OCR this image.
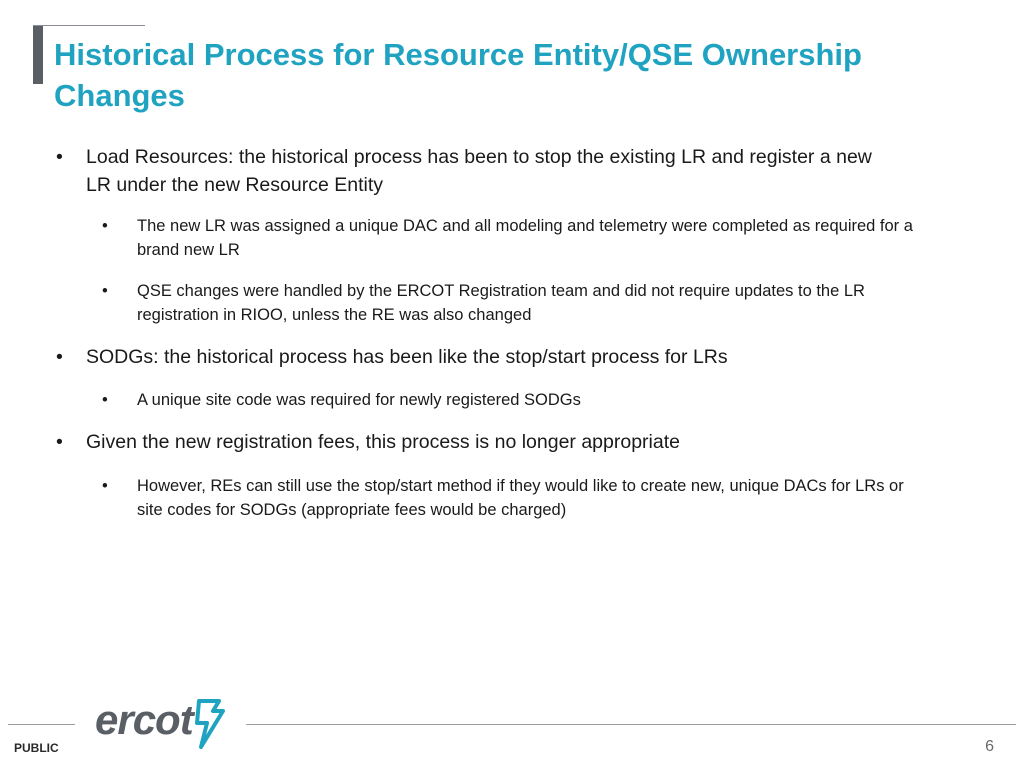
Historical Process for Resource Entity/QSE Ownership Changes
•	Load Resources: the historical process has been to stop the existing LR and register a new LR under the new Resource Entity
•	The new LR was assigned a unique DAC and all modeling and telemetry were completed as required for a brand new LR
•	QSE changes were handled by the ERCOT Registration team and did not require updates to the LR registration in RIOO, unless the RE was also changed
•	SODGs: the historical process has been like the stop/start process for LRs
•	A unique site code was required for newly registered SODGs
•	Given the new registration fees, this process is no longer appropriate
•	However, REs can still use the stop/start method if they would like to create new, unique DACs for LRs or site codes for SODGs (appropriate fees would be charged)
ercot
PUBLIC	6
